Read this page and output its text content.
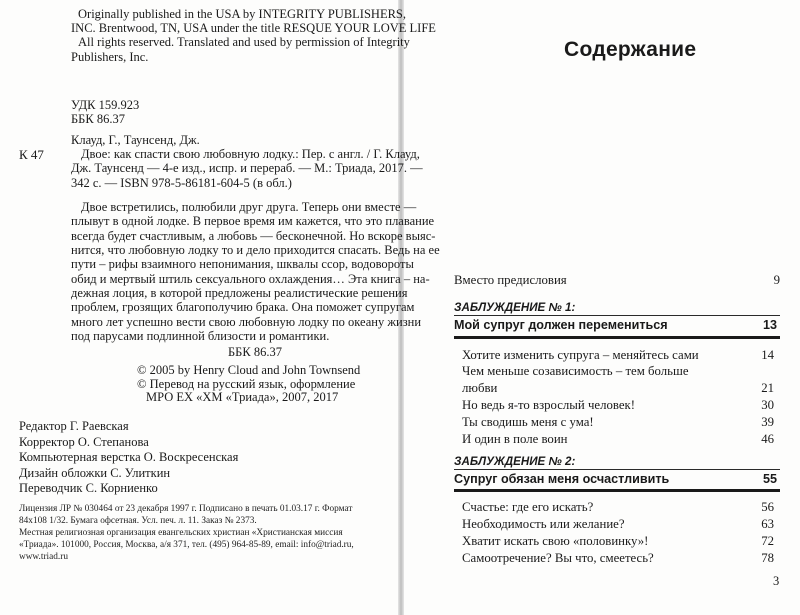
Originally published in the USA by INTEGRITY PUBLISHERS,
INC. Brentwood, TN, USA under the title RESQUE YOUR LOVE LIFE
All rights reserved. Translated and used by permission of Integrity
Publishers, Inc.
УДК 159.923
ББК 86.37
К 47
Клауд, Г., Таунсенд, Дж.
Двое: как спасти свою любовную лодку.: Пер. с англ. / Г. Клауд,
Дж. Таунсенд — 4-е изд., испр. и перераб. — М.: Триада, 2017. —
342 с. — ISBN 978-5-86181-604-5 (в обл.)
Двое встретились, полюбили друг друга. Теперь они вместе —
плывут в одной лодке. В первое время им кажется, что это плавание
всегда будет счастливым, а любовь — бесконечной. Но вскоре выяс-
нится, что любовную лодку то и дело приходится спасать. Ведь на ее
пути – рифы взаимного непонимания, шквалы ссор, водовороты
обид и мертвый штиль сексуального охлаждения… Эта книга – на-
дежная лоция, в которой предложены реалистические решения
проблем, грозящих благополучию брака. Она поможет супругам
много лет успешно вести свою любовную лодку по океану жизни
под парусами подлинной близости и романтики.
ББК 86.37
© 2005 by Henry Cloud and John Townsend
© Перевод на русский язык, оформление
МРО ЕХ «ХМ «Триада», 2007, 2017
Редактор Г. Раевская
Корректор О. Степанова
Компьютерная верстка О. Воскресенская
Дизайн обложки С. Улиткин
Переводчик С. Корниенко
Лицензия ЛР № 030464 от 23 декабря 1997 г. Подписано в печать 01.03.17 г. Формат
84х108 1/32. Бумага офсетная. Усл. печ. л. 11. Заказ № 2373.
Местная религиозная организация евангельских христиан «Христианская миссия
«Триада». 101000, Россия, Москва, а/я 371, тел. (495) 964-85-89, email: info@triad.ru,
www.triad.ru
Содержание
Вместо предисловия	9
ЗАБЛУЖДЕНИЕ № 1:
Мой супруг должен перемениться	13
Хотите изменить супруга – меняйтесь сами	14
Чем меньше созависимость – тем больше
любви	21
Но ведь я-то взрослый человек!	30
Ты сводишь меня с ума!	39
И один в поле воин	46
ЗАБЛУЖДЕНИЕ № 2:
Супруг обязан меня осчастливить	55
Счастье: где его искать?	56
Необходимость или желание?	63
Хватит искать свою «половинку»!	72
Самоотречение? Вы что, смеетесь?	78
3
